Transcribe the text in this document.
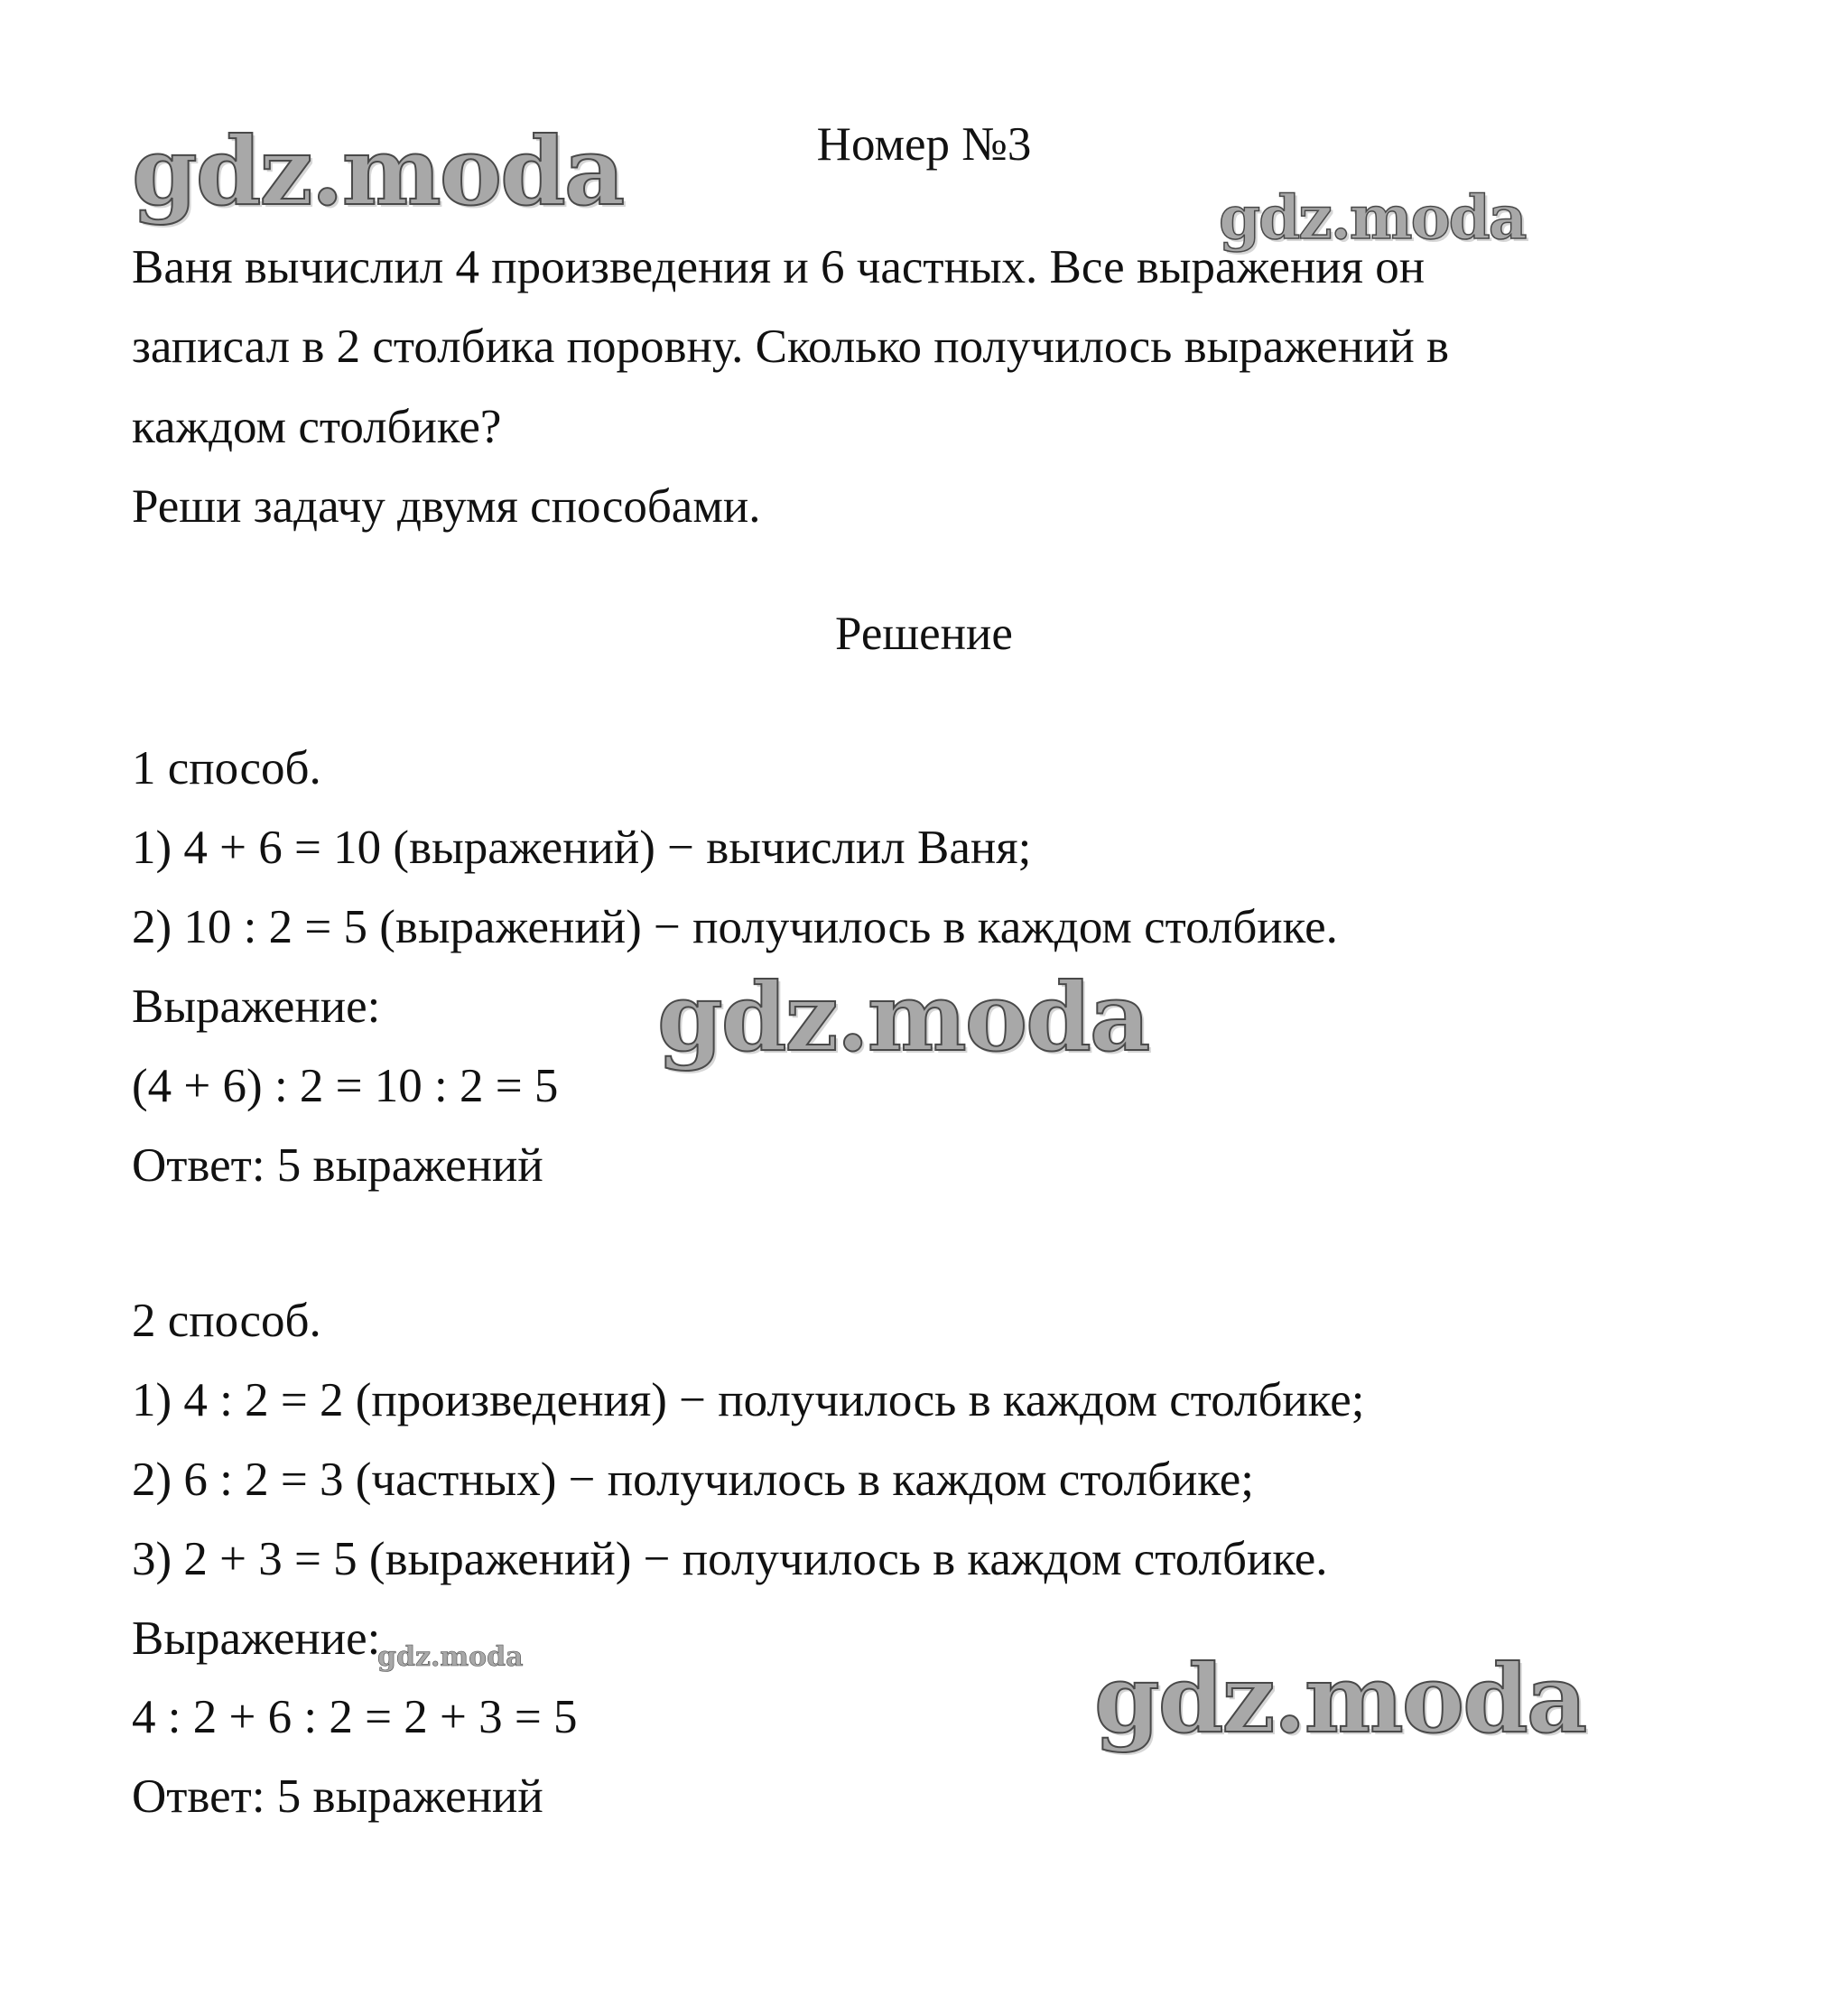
gdz.moda	gdz.moda
gdz.moda
gdz.moda	gdz.moda
Номер №3
Ваня вычислил 4 произведения и 6 частных. Все выражения он
записал в 2 столбика поровну. Сколько получилось выражений в
каждом столбике?
Реши задачу двумя способами.
Решение
1 способ.
1) 4 + 6 = 10 (выражений) − вычислил Ваня;
2) 10 : 2 = 5 (выражений) − получилось в каждом столбике.
Выражение:
(4 + 6) : 2 = 10 : 2 = 5
Ответ: 5 выражений
2 способ.
1) 4 : 2 = 2 (произведения) − получилось в каждом столбике;
2) 6 : 2 = 3 (частных) − получилось в каждом столбике;
3) 2 + 3 = 5 (выражений) − получилось в каждом столбике.
Выражение:
4 : 2 + 6 : 2 = 2 + 3 = 5
Ответ: 5 выражений
